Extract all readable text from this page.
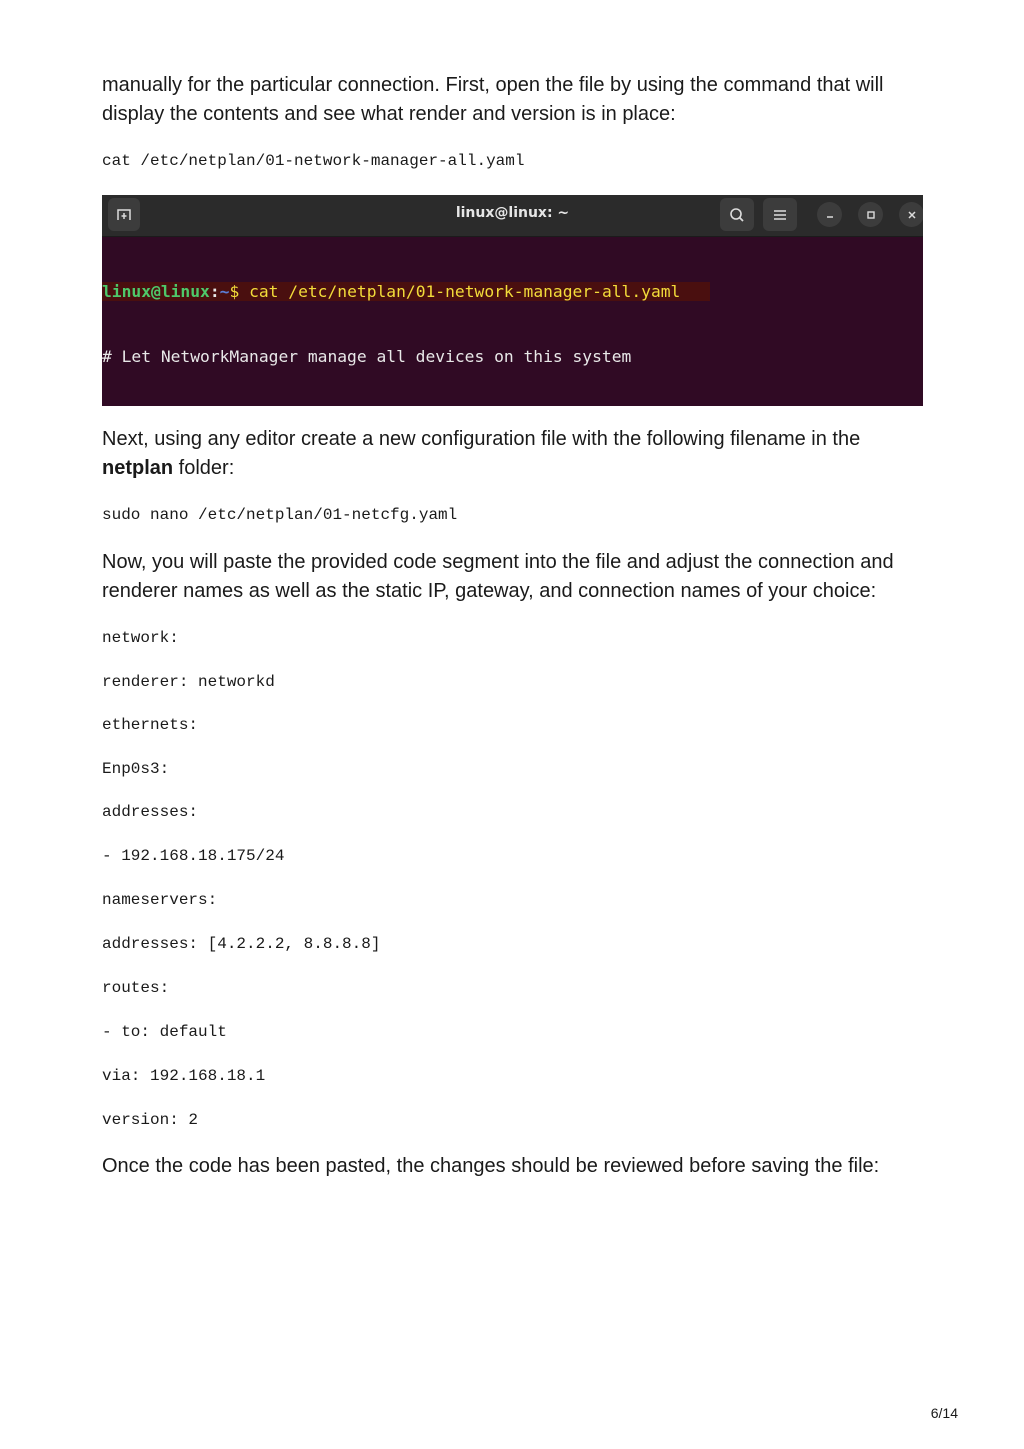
manually for the particular connection. First, open the file by using the command that will display the contents and see what render and version is in place:

cat /etc/netplan/01-network-manager-all.yaml
linux@linux: ~

linux@linux:~$ cat /etc/netplan/01-network-manager-all.yaml

# Let NetworkManager manage all devices on this system

Next, using any editor create a new configuration file with the following filename in the netplan folder:

sudo nano /etc/netplan/01-netcfg.yaml

Now, you will paste the provided code segment into the file and adjust the connection and renderer names as well as the static IP, gateway, and connection names of your choice:

network:
renderer: networkd
ethernets:
Enp0s3:
addresses:
- 192.168.18.175/24
nameservers:
addresses: [4.2.2.2, 8.8.8.8]
routes:
- to: default
via: 192.168.18.1
version: 2

Once the code has been pasted, the changes should be reviewed before saving the file:

6/14
